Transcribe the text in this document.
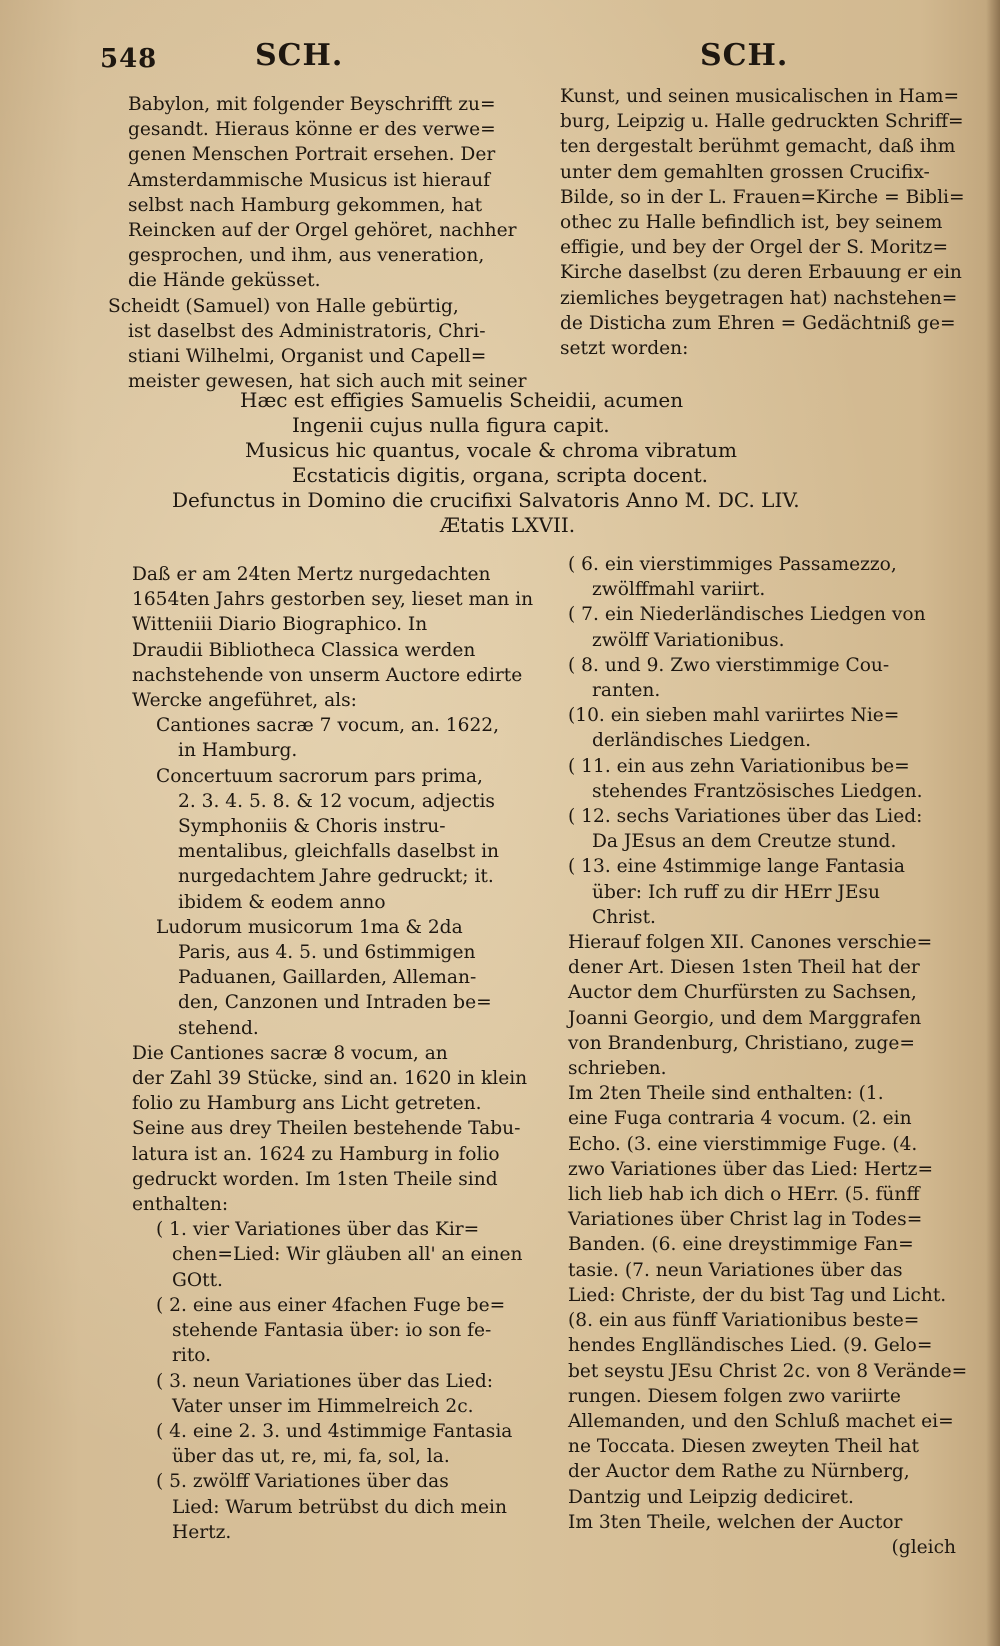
548	SCH.	SCH.

Babylon, mit folgender Beyschrifft zu=

gesandt. Hieraus könne er des verwe=

genen Menschen Portrait ersehen. Der

Amsterdammische Musicus ist hierauf

selbst nach Hamburg gekommen, hat

Reincken auf der Orgel gehöret, nachher

gesprochen, und ihm, aus veneration,

die Hände geküsset.

Scheidt (Samuel) von Halle gebürtig,

ist daselbst des Administratoris, Chri-

stiani Wilhelmi, Organist und Capell=

meister gewesen, hat sich auch mit seiner

Kunst, und seinen musicalischen in Ham=

burg, Leipzig u. Halle gedruckten Schriff=

ten dergestalt berühmt gemacht, daß ihm

unter dem gemahlten grossen Crucifix-

Bilde, so in der L. Frauen=Kirche = Bibli=

othec zu Halle befindlich ist, bey seinem

effigie, und bey der Orgel der S. Moritz=

Kirche daselbst (zu deren Erbauung er ein

ziemliches beygetragen hat) nachstehen=

de Disticha zum Ehren = Gedächtniß ge=

setzt worden:

Hæc est effigies Samuelis Scheidii, acumen

Ingenii cujus nulla figura capit.

Musicus hic quantus, vocale & chroma vibratum

Ecstaticis digitis, organa, scripta docent.

Defunctus in Domino die crucifixi Salvatoris Anno M. DC. LIV.

Ætatis LXVII.

Daß er am 24ten Mertz nurgedachten

1654ten Jahrs gestorben sey, lieset man in

Witteniii Diario Biographico. In

Draudii Bibliotheca Classica werden

nachstehende von unserm Auctore edirte

Wercke angeführet, als:

Cantiones sacræ 7 vocum, an. 1622,

in Hamburg.

Concertuum sacrorum pars prima,

2. 3. 4. 5. 8. & 12 vocum, adjectis

Symphoniis & Choris instru-

mentalibus, gleichfalls daselbst in

nurgedachtem Jahre gedruckt; it.

ibidem & eodem anno

Ludorum musicorum 1ma & 2da

Paris, aus 4. 5. und 6stimmigen

Paduanen, Gaillarden, Alleman-

den, Canzonen und Intraden be=

stehend.

Die Cantiones sacræ 8 vocum, an

der Zahl 39 Stücke, sind an. 1620 in klein

folio zu Hamburg ans Licht getreten.

Seine aus drey Theilen bestehende Tabu-

latura ist an. 1624 zu Hamburg in folio

gedruckt worden. Im 1sten Theile sind

enthalten:

( 1. vier Variationes über das Kir=

chen=Lied: Wir gläuben all' an einen

GOtt.

( 2. eine aus einer 4fachen Fuge be=

stehende Fantasia über: io son fe-

rito.

( 3. neun Variationes über das Lied:

Vater unser im Himmelreich 2c.

( 4. eine 2. 3. und 4stimmige Fantasia

über das ut, re, mi, fa, sol, la.

( 5. zwölff Variationes über das

Lied: Warum betrübst du dich mein

Hertz.

( 6. ein vierstimmiges Passamezzo,

zwölffmahl variirt.

( 7. ein Niederländisches Liedgen von

zwölff Variationibus.

( 8. und 9. Zwo vierstimmige Cou-

ranten.

(10. ein sieben mahl variirtes Nie=

derländisches Liedgen.

( 11. ein aus zehn Variationibus be=

stehendes Frantzösisches Liedgen.

( 12. sechs Variationes über das Lied:

Da JEsus an dem Creutze stund.

( 13. eine 4stimmige lange Fantasia

über: Ich ruff zu dir HErr JEsu

Christ.

Hierauf folgen XII. Canones verschie=

dener Art. Diesen 1sten Theil hat der

Auctor dem Churfürsten zu Sachsen,

Joanni Georgio, und dem Marggrafen

von Brandenburg, Christiano, zuge=

schrieben.

Im 2ten Theile sind enthalten: (1.

eine Fuga contraria 4 vocum. (2. ein

Echo. (3. eine vierstimmige Fuge. (4.

zwo Variationes über das Lied: Hertz=

lich lieb hab ich dich o HErr. (5. fünff

Variationes über Christ lag in Todes=

Banden. (6. eine dreystimmige Fan=

tasie. (7. neun Variationes über das

Lied: Christe, der du bist Tag und Licht.

(8. ein aus fünff Variationibus beste=

hendes Englländisches Lied. (9. Gelo=

bet seystu JEsu Christ 2c. von 8 Verände=

rungen. Diesem folgen zwo variirte

Allemanden, und den Schluß machet ei=

ne Toccata. Diesen zweyten Theil hat

der Auctor dem Rathe zu Nürnberg,

Dantzig und Leipzig dediciret.

Im 3ten Theile, welchen der Auctor

(gleich
